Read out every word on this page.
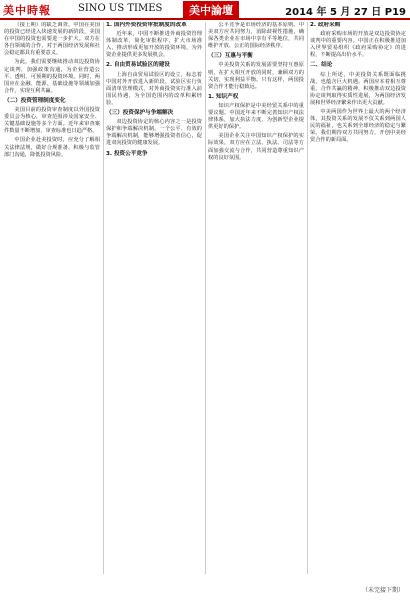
美中時報	SINO US TIMES	美中論壇	2014 年 5 月 27 日 P19

（接上期）的缺乏调查。中国在美国的投资已经进入快速发展的新阶段，美国在中国的投资也需要进一步扩大。双方在各自领域的合作，对于两国经济发展和社会稳定都具有重要意义。

为此，我们需要继续推动双边投资协定谈判，加强政策沟通，为企业营造公平、透明、可预期的投资环境。同时，两国应在金融、能源、基础设施等领域加强合作，实现互利共赢。

（二）投资管理制度变化

美国目前的投资审查制度以外国投资委员会为核心，审查范围涉及国家安全、关键基础设施等多个方面。近年来审查案件数量不断增加，审查标准也日趋严格。

中国企业赴美投资时，应充分了解相关法律法规，做好合规准备，积极与监管部门沟通，降低投资风险。

1. 国内外资投资审批制度的改革

近年来，中国不断推进外商投资管理体制改革，简化审批程序，扩大市场准入，推动形成更加开放的投资环境，为外资企业提供更多发展机会。

2. 自由贸易试验区的建设

上海自由贸易试验区的设立，标志着中国对外开放进入新阶段。试验区实行负面清单管理模式，对外商投资实行准入前国民待遇，为全国范围内的改革积累经验。

（三）投资保护与争端解决

双边投资协定的核心内容之一是投资保护和争端解决机制。一个公平、有效的争端解决机制，能够增强投资者信心，促进双向投资的健康发展。

3. 投资公平竞争

公平竞争是市场经济的基本原则。中美双方应共同努力，消除歧视性措施，确保各类企业在市场中享有平等地位，共同维护开放、公正的国际经济秩序。

（三）互惠与平衡

中美投资关系的发展需要坚持互惠原则，在扩大相互开放的同时，兼顾双方的关切，实现利益平衡。只有这样，两国投资合作才能行稳致远。

1. 知识产权

知识产权保护是中美经贸关系中的重要议题。中国近年来不断完善知识产权法律体系，加大执法力度，为创新型企业提供更好的保护。

美国企业关注中国知识产权保护的实际效果，双方应在立法、执法、司法等方面加强交流与合作，共同营造尊重知识产权的良好氛围。

2. 政府采购

政府采购市场的开放是双边投资协定谈判中的重要内容。中国正在积极推进加入世界贸易组织《政府采购协定》的进程，不断提高出价水平。

二、结论

综上所述，中美投资关系既面临挑战，也蕴含巨大机遇。两国应本着相互尊重、合作共赢的精神，积极推动双边投资协定谈判取得实质性进展，为两国经济发展和世界经济繁荣作出更大贡献。

中美两国作为世界上最大的两个经济体，其投资关系的发展不仅关系到两国人民的福祉，也关系到全球经济的稳定与繁荣。我们期待双方共同努力，开创中美经贸合作的新局面。

（未完接下期）
